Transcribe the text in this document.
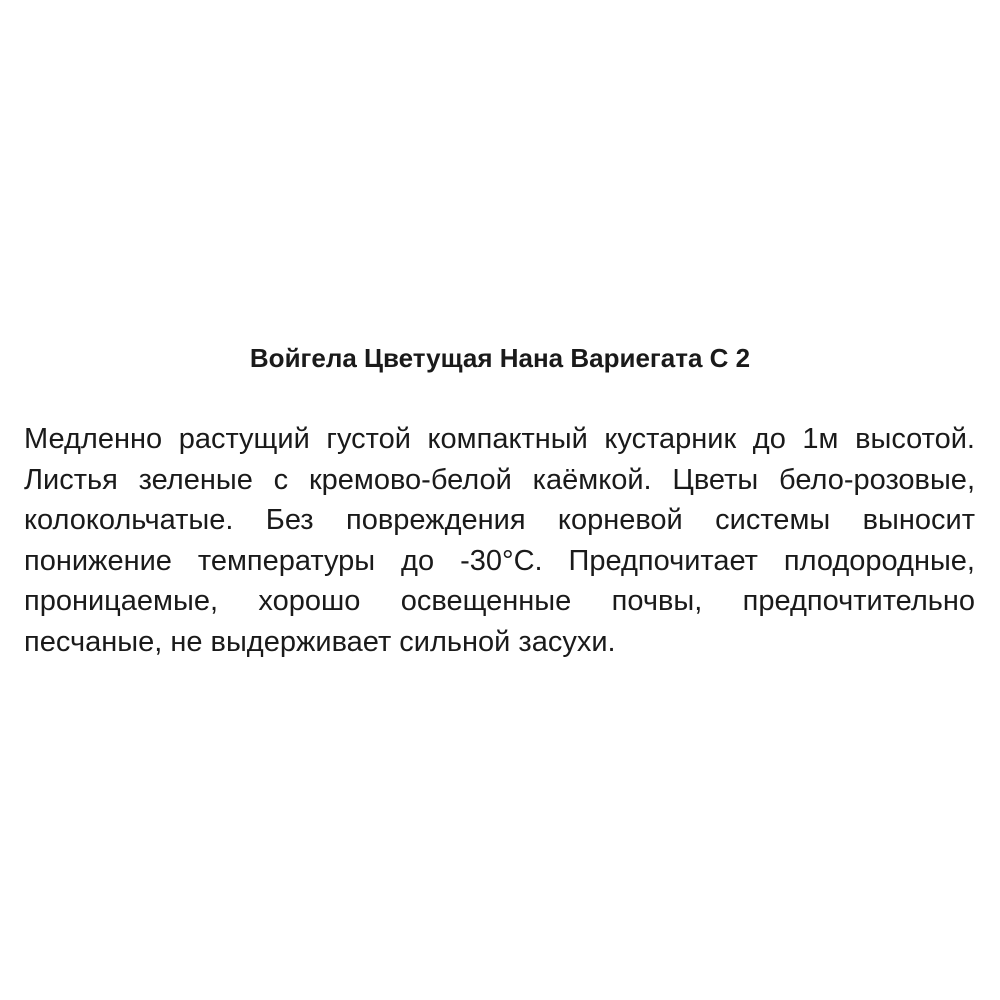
Войгела Цветущая Нана Вариегата С 2
Медленно растущий густой компактный кустарник до 1м высотой.
Листья зеленые с кремово-белой каёмкой. Цветы бело-розовые,
колокольчатые. Без повреждения корневой системы выносит
понижение температуры до -30°С. Предпочитает плодородные,
проницаемые, хорошо освещенные почвы, предпочтительно
песчаные, не выдерживает сильной засухи.
